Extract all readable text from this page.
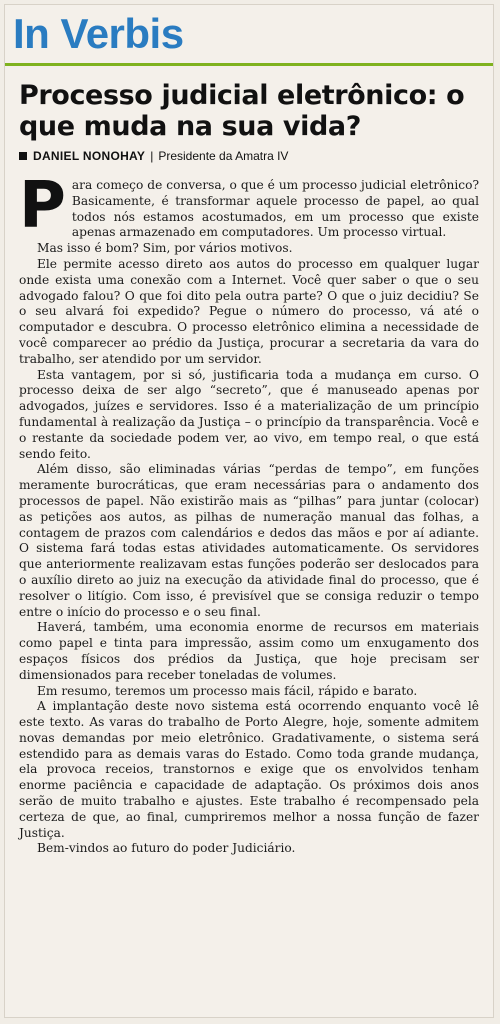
In Verbis
Processo judicial eletrônico: o que muda na sua vida?
DANIEL NONOHAY | Presidente da Amatra IV

Para começo de conversa, o que é um processo judicial eletrônico? Basicamente, é transformar aquele processo de papel, ao qual todos nós estamos acostumados, em um processo que existe apenas armazenado em computadores. Um processo virtual.

Mas isso é bom? Sim, por vários motivos.

Ele permite acesso direto aos autos do processo em qualquer lugar onde exista uma conexão com a Internet. Você quer saber o que o seu advogado falou? O que foi dito pela outra parte? O que o juiz decidiu? Se o seu alvará foi expedido? Pegue o número do processo, vá até o computador e descubra. O processo eletrônico elimina a necessidade de você comparecer ao prédio da Justiça, procurar a secretaria da vara do trabalho, ser atendido por um servidor.

Esta vantagem, por si só, justificaria toda a mudança em curso. O processo deixa de ser algo “secreto”, que é manuseado apenas por advogados, juízes e servidores. Isso é a materialização de um princípio fundamental à realização da Justiça – o princípio da transparência. Você e o restante da sociedade podem ver, ao vivo, em tempo real, o que está sendo feito.

Além disso, são eliminadas várias “perdas de tempo”, em funções meramente burocráticas, que eram necessárias para o andamento dos processos de papel. Não existirão mais as “pilhas” para juntar (colocar) as petições aos autos, as pilhas de numeração manual das folhas, a contagem de prazos com calendários e dedos das mãos e por aí adiante. O sistema fará todas estas atividades automaticamente. Os servidores que anteriormente realizavam estas funções poderão ser deslocados para o auxílio direto ao juiz na execução da atividade final do processo, que é resolver o litígio. Com isso, é previsível que se consiga reduzir o tempo entre o início do processo e o seu final.

Haverá, também, uma economia enorme de recursos em materiais como papel e tinta para impressão, assim como um enxugamento dos espaços físicos dos prédios da Justiça, que hoje precisam ser dimensionados para receber toneladas de volumes.

Em resumo, teremos um processo mais fácil, rápido e barato.

A implantação deste novo sistema está ocorrendo enquanto você lê este texto. As varas do trabalho de Porto Alegre, hoje, somente admitem novas demandas por meio eletrônico. Gradativamente, o sistema será estendido para as demais varas do Estado. Como toda grande mudança, ela provoca receios, transtornos e exige que os envolvidos tenham enorme paciência e capacidade de adaptação. Os próximos dois anos serão de muito trabalho e ajustes. Este trabalho é recompensado pela certeza de que, ao final, cumpriremos melhor a nossa função de fazer Justiça.

Bem-vindos ao futuro do poder Judiciário.
